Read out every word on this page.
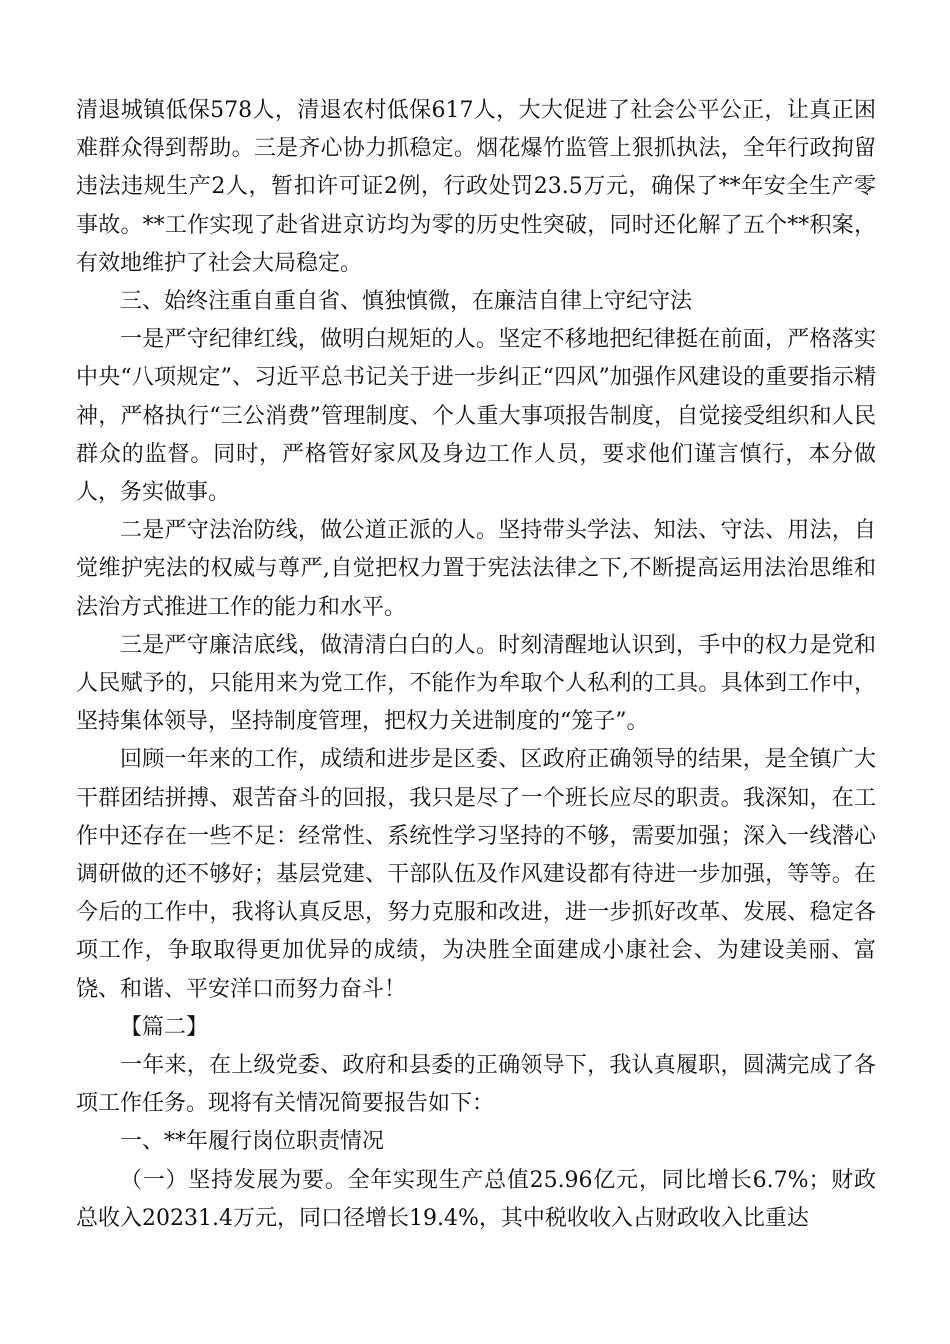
清退城镇低保578人，清退农村低保617人，大大促进了社会公平公正，让真正困难群众得到帮助。三是齐心协力抓稳定。烟花爆竹监管上狠抓执法，全年行政拘留违法违规生产2人，暂扣许可证2例，行政处罚23.5万元，确保了**年安全生产零事故。**工作实现了赴省进京访均为零的历史性突破，同时还化解了五个**积案，有效地维护了社会大局稳定。

三、始终注重自重自省、慎独慎微，在廉洁自律上守纪守法

一是严守纪律红线，做明白规矩的人。坚定不移地把纪律挺在前面，严格落实中央“八项规定”、习近平总书记关于进一步纠正“四风”加强作风建设的重要指示精神，严格执行“三公消费”管理制度、个人重大事项报告制度，自觉接受组织和人民群众的监督。同时，严格管好家风及身边工作人员，要求他们谨言慎行，本分做人，务实做事。

二是严守法治防线，做公道正派的人。坚持带头学法、知法、守法、用法，自觉维护宪法的权威与尊严,自觉把权力置于宪法法律之下,不断提高运用法治思维和法治方式推进工作的能力和水平。

三是严守廉洁底线，做清清白白的人。时刻清醒地认识到，手中的权力是党和人民赋予的，只能用来为党工作，不能作为牟取个人私利的工具。具体到工作中，坚持集体领导，坚持制度管理，把权力关进制度的“笼子”。

回顾一年来的工作，成绩和进步是区委、区政府正确领导的结果，是全镇广大干群团结拼搏、艰苦奋斗的回报，我只是尽了一个班长应尽的职责。我深知，在工作中还存在一些不足：经常性、系统性学习坚持的不够，需要加强；深入一线潜心调研做的还不够好；基层党建、干部队伍及作风建设都有待进一步加强，等等。在今后的工作中，我将认真反思，努力克服和改进，进一步抓好改革、发展、稳定各项工作，争取取得更加优异的成绩，为决胜全面建成小康社会、为建设美丽、富饶、和谐、平安洋口而努力奋斗！

【篇二】

一年来，在上级党委、政府和县委的正确领导下，我认真履职，圆满完成了各项工作任务。现将有关情况简要报告如下：

一、**年履行岗位职责情况

（一）坚持发展为要。全年实现生产总值25.96亿元，同比增长6.7%；财政总收入20231.4万元，同口径增长19.4%，其中税收收入占财政收入比重达
